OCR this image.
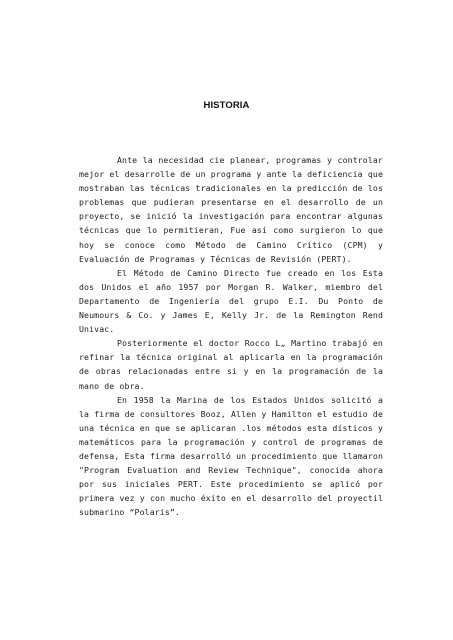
HISTORIA

Ante la necesidad cie planear, programas y controlar mejor el desarrolle de un programa y ante la deficiencia que mostraban las técnicas tradicionales en la predicción de los problemas que pudieran presentarse en el desarrollo de un proyecto, se inició la investigación para encontrar algunas técnicas que lo permitieran, Fue así como surgieron lo que hoy se conoce como Método de Camino Crítico (CPM) y Evaluación de Programas y Técnicas de Revisión (PERT).

El Método de Camino Directo fue creado en los Esta dos Unidos el año 1957 por Morgan R. Walker, miembro del Departamento de Ingeniería del grupo E.I. Du Ponto de Neumours & Co. y James E, Kelly Jr. de la Remington Rend Univac.

Posteriormente el doctor Rocco L„ Martino trabajó en refinar la técnica original al aplicarla en la programación de obras relacionadas entre si y en la programación de la mano de obra.

En 1958 la Marina de los Estados Unidos solicitó a la firma de consultores Booz, Allen y Hamilton el estudio de una técnica en que se aplicaran .los métodos esta dísticos y matemáticos para la programación y control de programas de defensa, Esta firma desarrolló un procedimiento que llamaron "Program Evaluation and Review Technique", conocida ahora por sus iniciales PERT. Este procedimiento se aplicó por primera vez y con mucho éxito en el desarrollo del proyectil submarino “Polaris”.
